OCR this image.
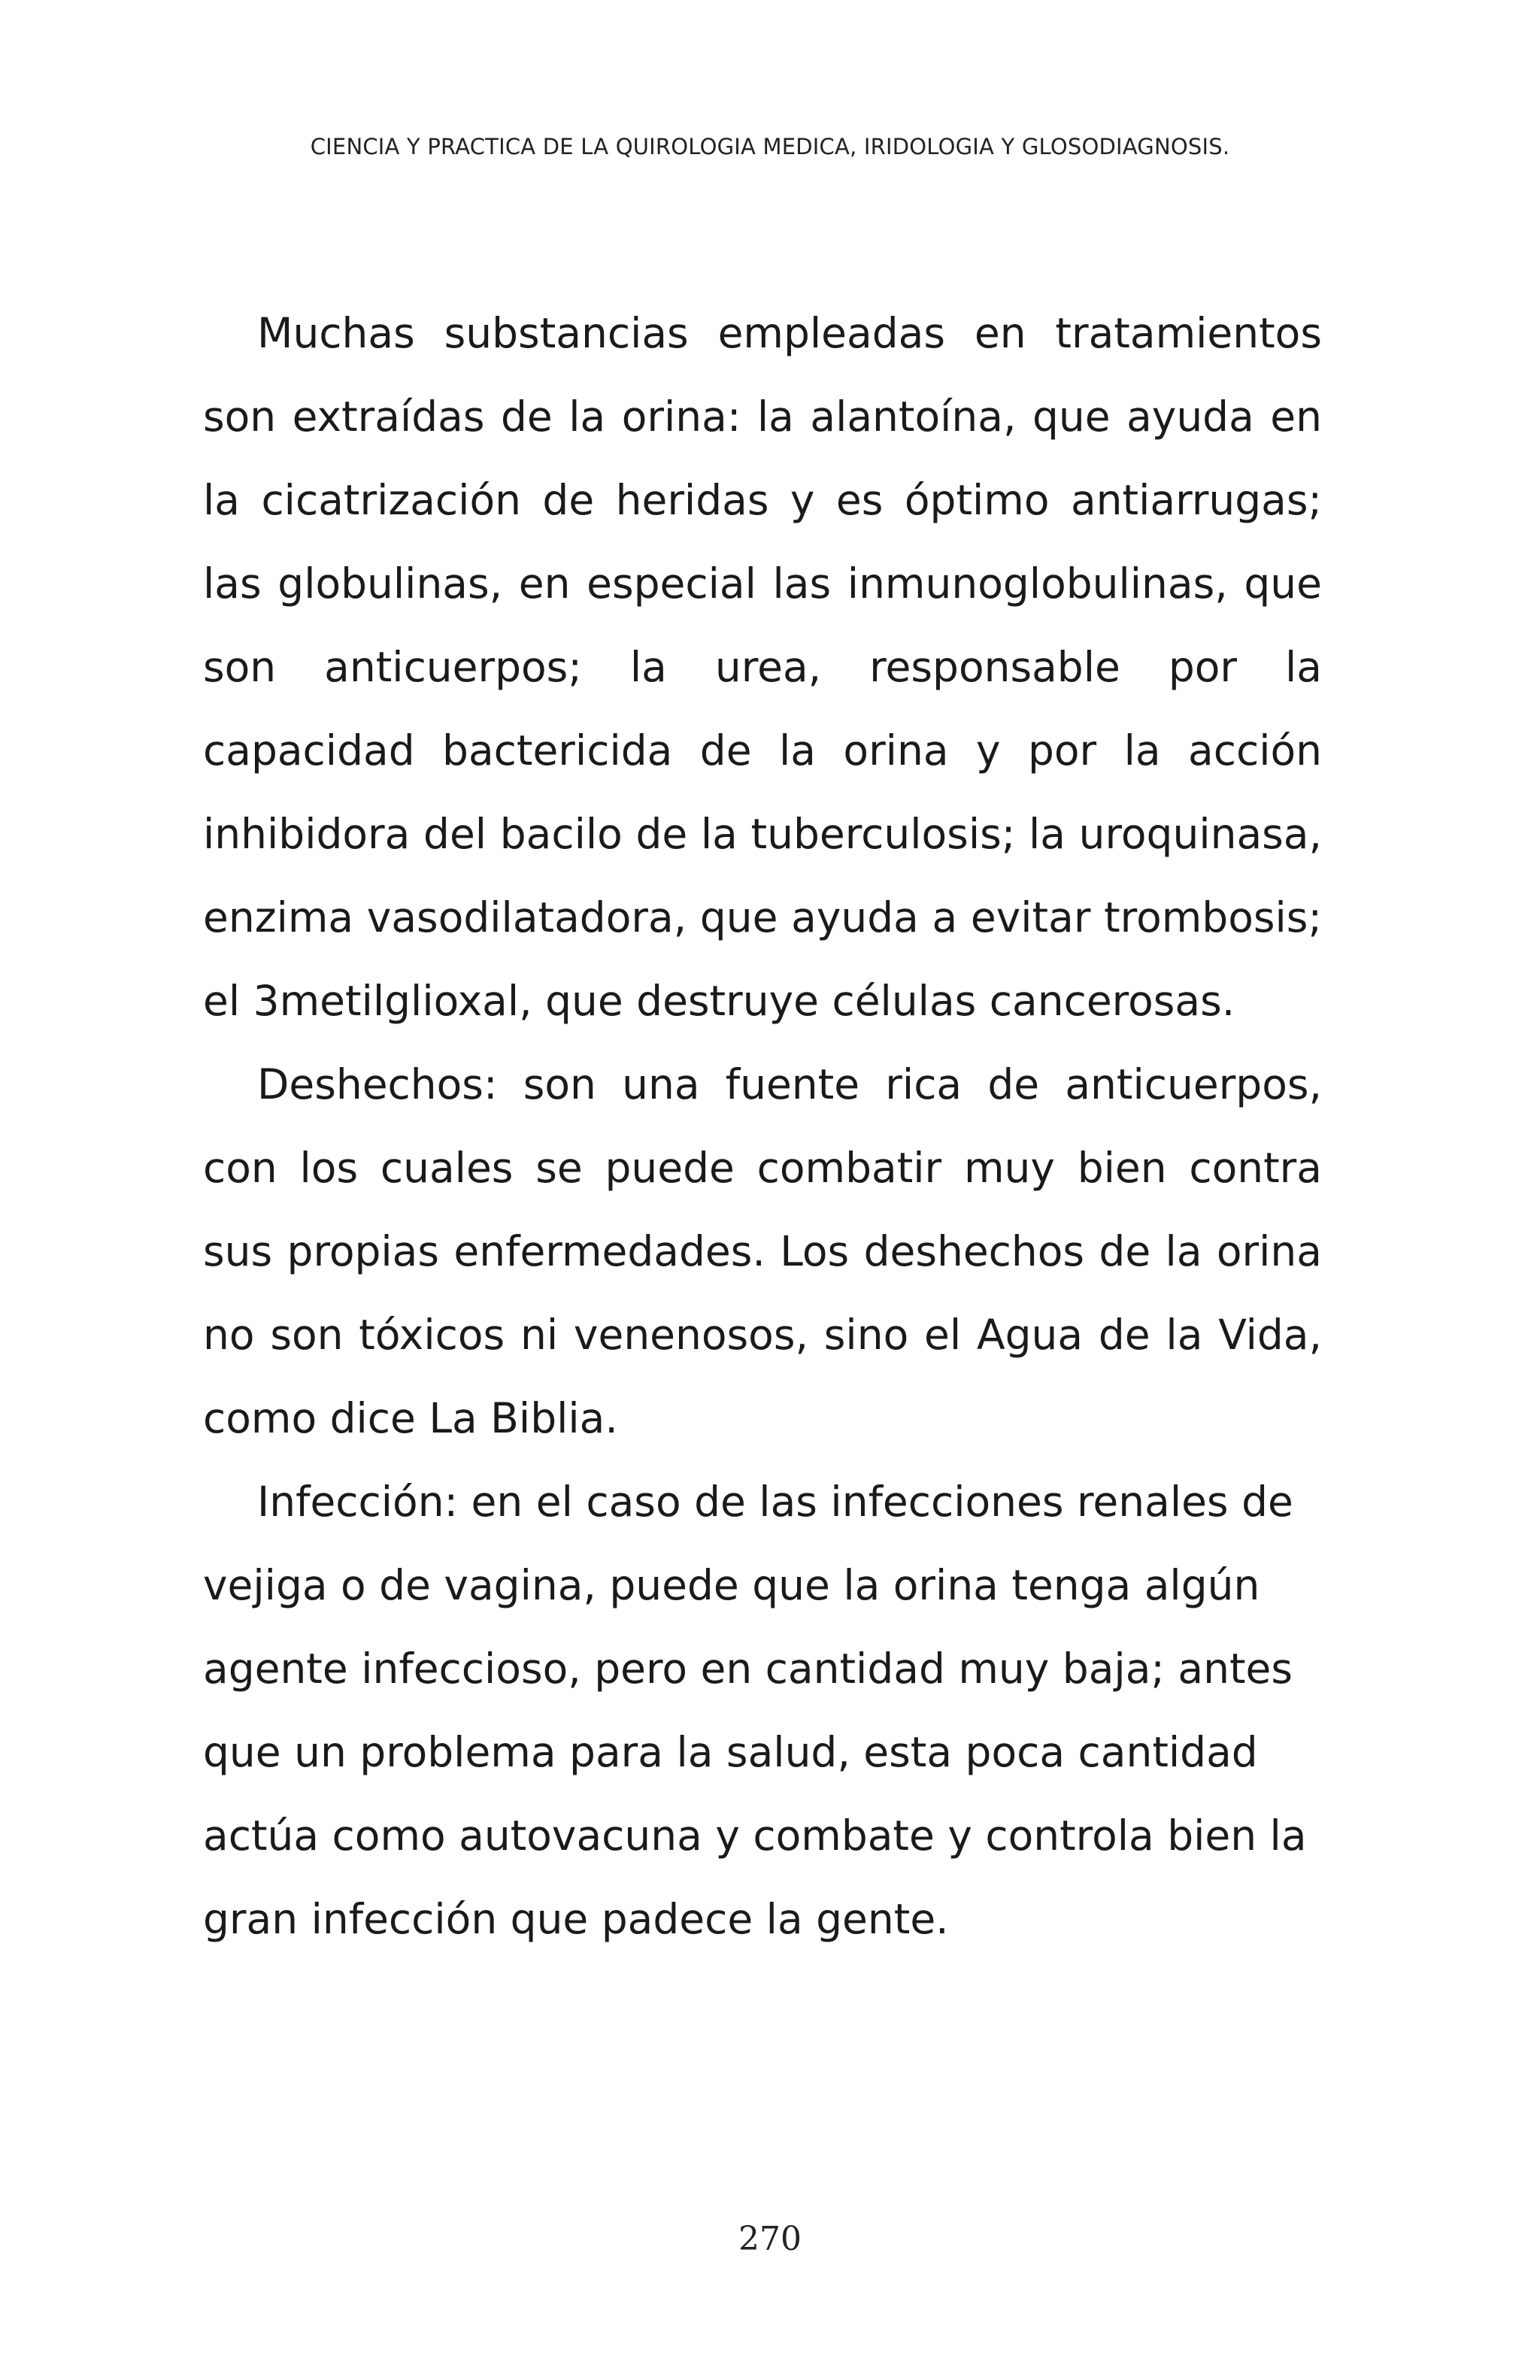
CIENCIA Y PRACTICA DE LA QUIROLOGIA MEDICA, IRIDOLOGIA Y GLOSODIAGNOSIS.

Muchas substancias empleadas en tratamientos son extraídas de la orina: la alantoína, que ayuda en la cicatrización de heridas y es óptimo antiarrugas; las globulinas, en especial las inmunoglobulinas, que son anticuerpos; la urea, responsable por la capacidad bactericida de la orina y por la acción inhibidora del bacilo de la tuberculosis; la uroquinasa, enzima vasodilatadora, que ayuda a evitar trombosis; el 3metilglioxal, que destruye células cancerosas.

Deshechos: son una fuente rica de anticuerpos, con los cuales se puede combatir muy bien contra sus propias enfermedades. Los deshechos de la orina no son tóxicos ni venenosos, sino el Agua de la Vida, como dice La Biblia.

Infección: en el caso de las infecciones renales de vejiga o de vagina, puede que la orina tenga algún agente infeccioso, pero en cantidad muy baja; antes que un problema para la salud, esta poca cantidad actúa como autovacuna y combate y controla bien la gran infección que padece la gente.

270
